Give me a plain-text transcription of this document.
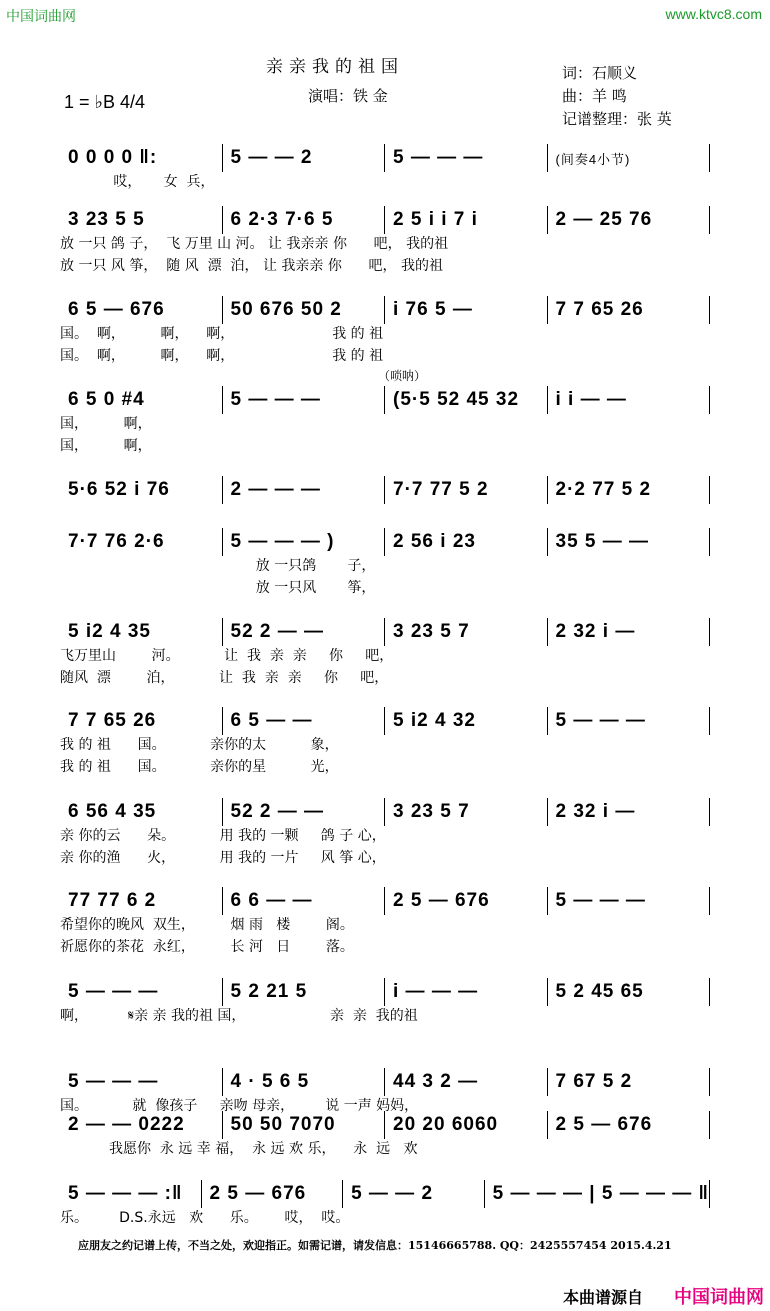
中国词曲网	www.ktvc8.com
亲亲我的祖国
演唱：铁 金
词：石顺义
曲：羊 鸣
记谱整理：张 英
1 = ♭B 4/4
0 0 0 0 ‖:	5 — — 2	5 — — —	(间奏4小节)
哎，     女  兵，
3 23 5 5	6 2·3 7·6 5	2 5 i i 7 i	2 — 25 76
放 一只 鸽 子，  飞 万里 山 河。 让 我亲亲 你      吧， 我的祖
放 一只 风 筝，  随 风  漂  泊， 让 我亲亲 你      吧， 我的祖
6 5 — 676	50 676 50 2	i 76 5 —	7 7 65 26
国。  啊，        啊，    啊，                      我 的 祖
国。  啊，        啊，    啊，                      我 的 祖
6 5 0 #4	5 — — —	(5·5 52 45 32	i i — —
（唢呐）
国，        啊，
国，        啊，
5·6 52 i 76	2 — — —	7·7 77 5 2	2·2 77 5 2
7·7 76 2·6	5 — — — )	2 56 i 23	35 5 — —
放 一只鸽       子，
放 一只风       筝，
5 i2 4 35	52 2 — —	3 23 5 7	2 32 i —
飞万里山        河。          让  我  亲  亲     你     吧，
随风  漂        泊，          让  我  亲  亲     你     吧，
7 7 65 26	6 5 — —	5 i2 4 32	5 — — —
我 的 祖      国。          亲你的太          象，
我 的 祖      国。          亲你的星          光，
6 56 4 35	52 2 — —	3 23 5 7	2 32 i —
亲 你的云      朵。          用 我的 一颗     鸽 子 心，
亲 你的渔      火，          用 我的 一片     风 筝 心，
77 77 6 2	6 6 — —	2 5 — 676	5 — — —
希望你的晚风  双生，        烟 雨   楼        阁。
祈愿你的茶花  永红，        长 河   日        落。
5 — — —	5 2 21 5	i — — —	5 2 45 65
啊，         𝄋亲 亲 我的祖 国，                   亲  亲  我的祖
5 — — —	4 · 5 6 5	44 3 2 —	7 67 5 2
国。          就  像孩子     亲吻 母亲，       说 一声 妈妈，
2 — — 0222	50 50 7070	20 20 6060	2 5 — 676
我愿你  永 远 幸 福，  永 远 欢 乐，    永  远   欢
5 — — — :‖	2 5 — 676	5 — — 2	5 — — — | 5 — — — ‖
乐。       D.S.永远   欢      乐。      哎，  哎。
应朋友之约记谱上传，不当之处，欢迎指正。如需记谱，请发信息：15146665788. QQ：2425557454 2015.4.21
本曲谱源自 中国词曲网
